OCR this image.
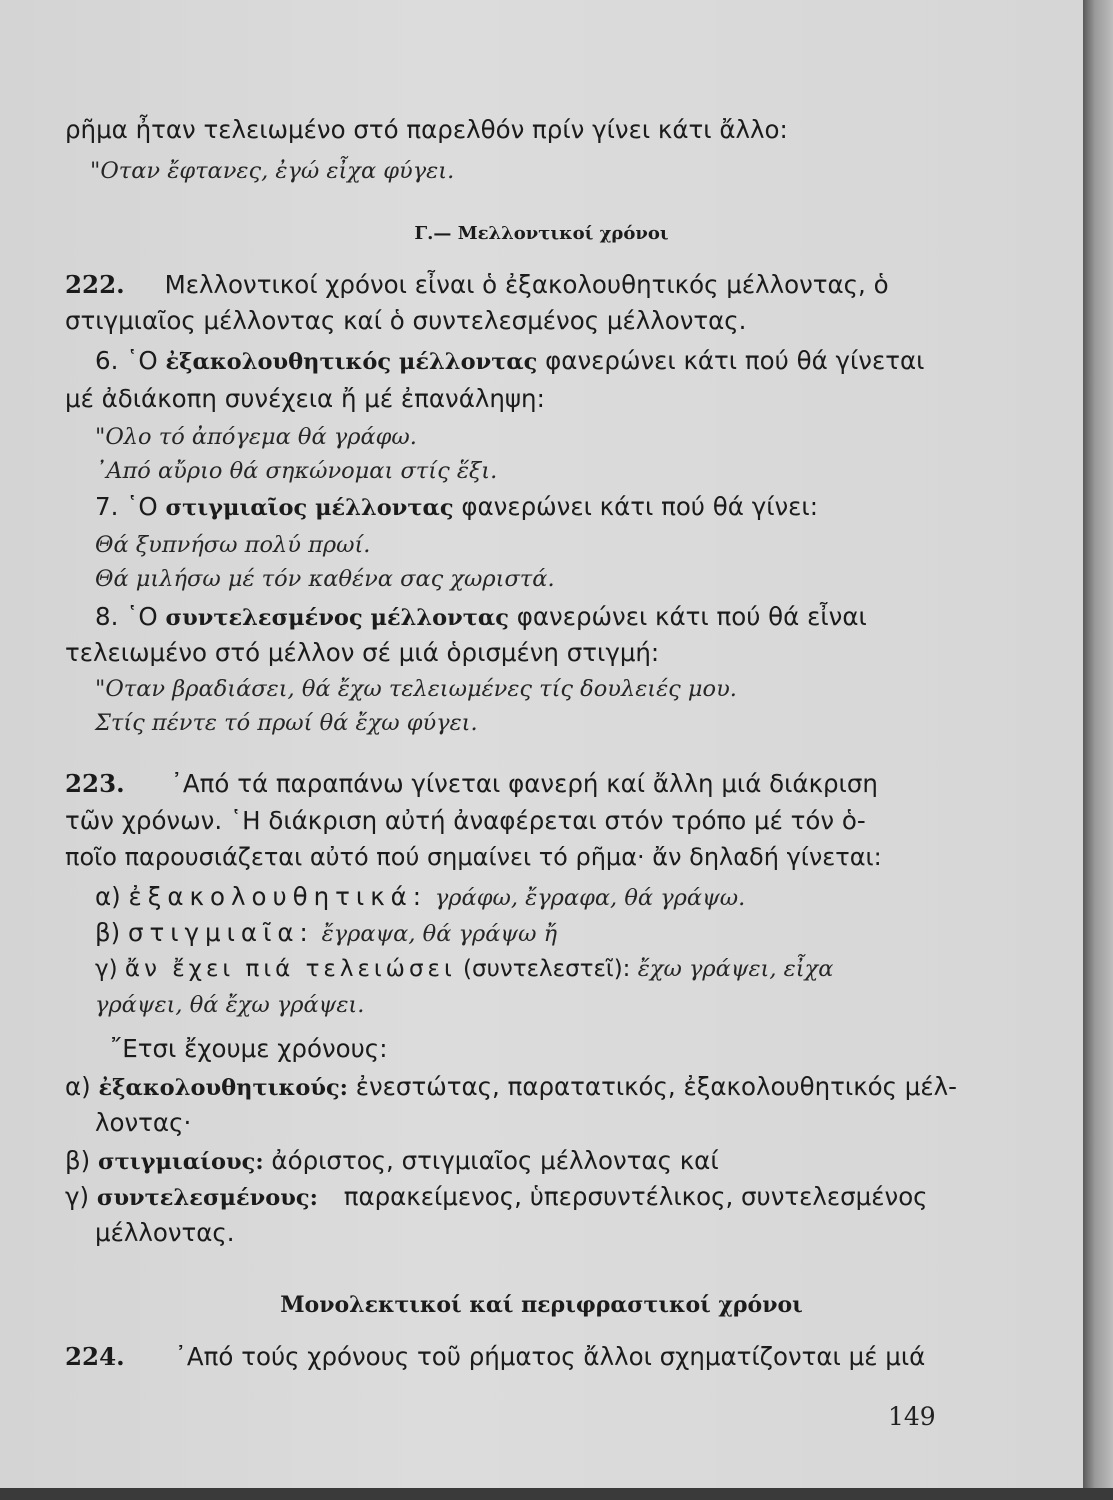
ρῆμα ἦταν τελειωμένο στό παρελθόν πρίν γίνει κάτι ἄλλο:
"Οταν ἔφτανες, ἐγώ εἶχα φύγει.
Γ.— Μελλοντικοί χρόνοι
222. Μελλοντικοί χρόνοι εἶναι ὁ ἐξακολουθητικός μέλλοντας, ὁ
στιγμιαῖος μέλλοντας καί ὁ συντελεσμένος μέλλοντας.
6. ῾Ο ἐξακολουθητικός μέλλοντας φανερώνει κάτι πού θά γίνεται
μέ ἀδιάκοπη συνέχεια ἤ μέ ἐπανάληψη:
"Ολο τό ἀπόγεμα θά γράφω.
᾿Από αὔριο θά σηκώνομαι στίς ἕξι.
7. ῾Ο στιγμιαῖος μέλλοντας φανερώνει κάτι πού θά γίνει:
Θά ξυπνήσω πολύ πρωί.
Θά μιλήσω μέ τόν καθένα σας χωριστά.
8. ῾Ο συντελεσμένος μέλλοντας φανερώνει κάτι πού θά εἶναι
τελειωμένο στό μέλλον σέ μιά ὁρισμένη στιγμή:
"Οταν βραδιάσει, θά ἔχω τελειωμένες τίς δουλειές μου.
Στίς πέντε τό πρωί θά ἔχω φύγει.
223. ᾿Από τά παραπάνω γίνεται φανερή καί ἄλλη μιά διάκριση
τῶν χρόνων. ῾Η διάκριση αὐτή ἀναφέρεται στόν τρόπο μέ τόν ὁ-
ποῖο παρουσιάζεται αὐτό πού σημαίνει τό ρῆμα· ἄν δηλαδή γίνεται:
α) ἐξακολουθητικά: γράφω, ἔγραφα, θά γράψω.
β) στιγμιαῖα: ἔγραψα, θά γράψω ἤ
γ) ἄν ἔχει πιά τελειώσει (συντελεστεῖ): ἔχω γράψει, εἶχα
γράψει, θά ἔχω γράψει.
῎Ετσι ἔχουμε χρόνους:
α) ἐξακολουθητικούς: ἐνεστώτας, παρατατικός, ἐξακολουθητικός μέλ-
λοντας·
β) στιγμιαίους: ἀόριστος, στιγμιαῖος μέλλοντας καί
γ) συντελεσμένους: παρακείμενος, ὑπερσυντέλικος, συντελεσμένος
μέλλοντας.
Μονολεκτικοί καί περιφραστικοί χρόνοι
224. ᾿Από τούς χρόνους τοῦ ρήματος ἄλλοι σχηματίζονται μέ μιά
149
